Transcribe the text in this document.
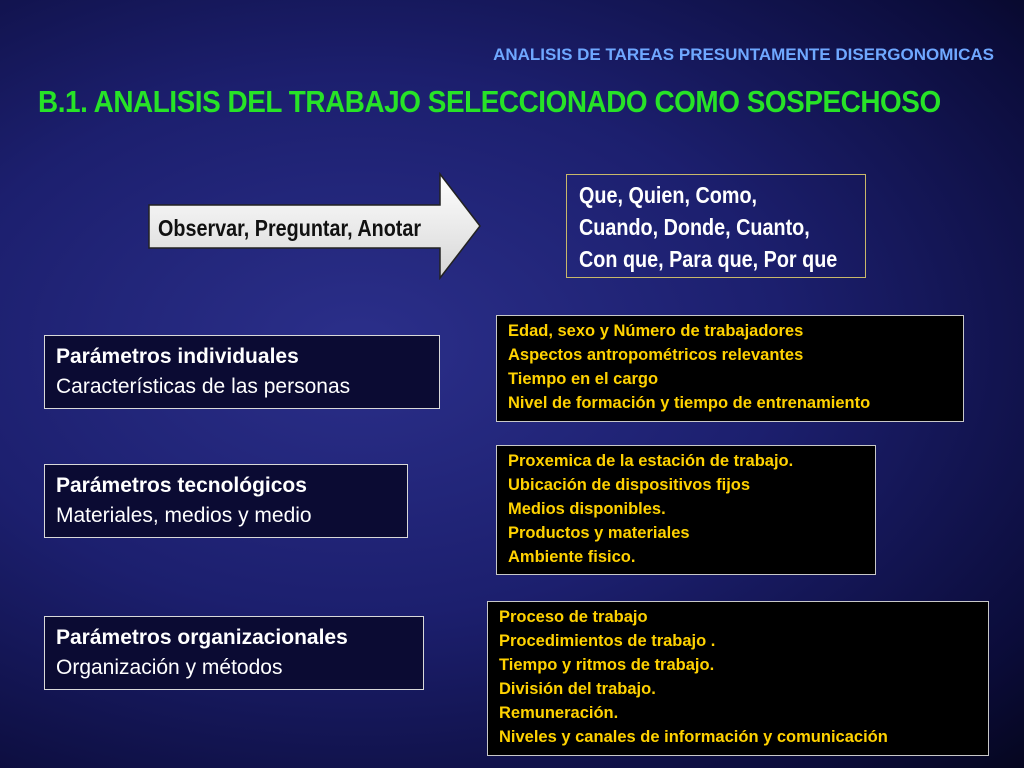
ANALISIS DE TAREAS PRESUNTAMENTE DISERGONOMICAS
B.1. ANALISIS DEL TRABAJO SELECCIONADO COMO SOSPECHOSO
Observar, Preguntar, Anotar
Que, Quien, Como,
Cuando, Donde, Cuanto,
Con que, Para que, Por que
Parámetros individuales
Características de las personas
Edad, sexo y Número de trabajadores
Aspectos antropométricos relevantes
Tiempo en el cargo
Nivel de formación y tiempo de entrenamiento
Parámetros tecnológicos
Materiales, medios y medio
Proxemica de la estación de trabajo.
Ubicación de dispositivos fijos
Medios disponibles.
Productos y materiales
Ambiente fisico.
Parámetros organizacionales
Organización y métodos
Proceso de trabajo
Procedimientos de trabajo .
Tiempo y ritmos de trabajo.
División del trabajo.
Remuneración.
Niveles y canales de información y comunicación
